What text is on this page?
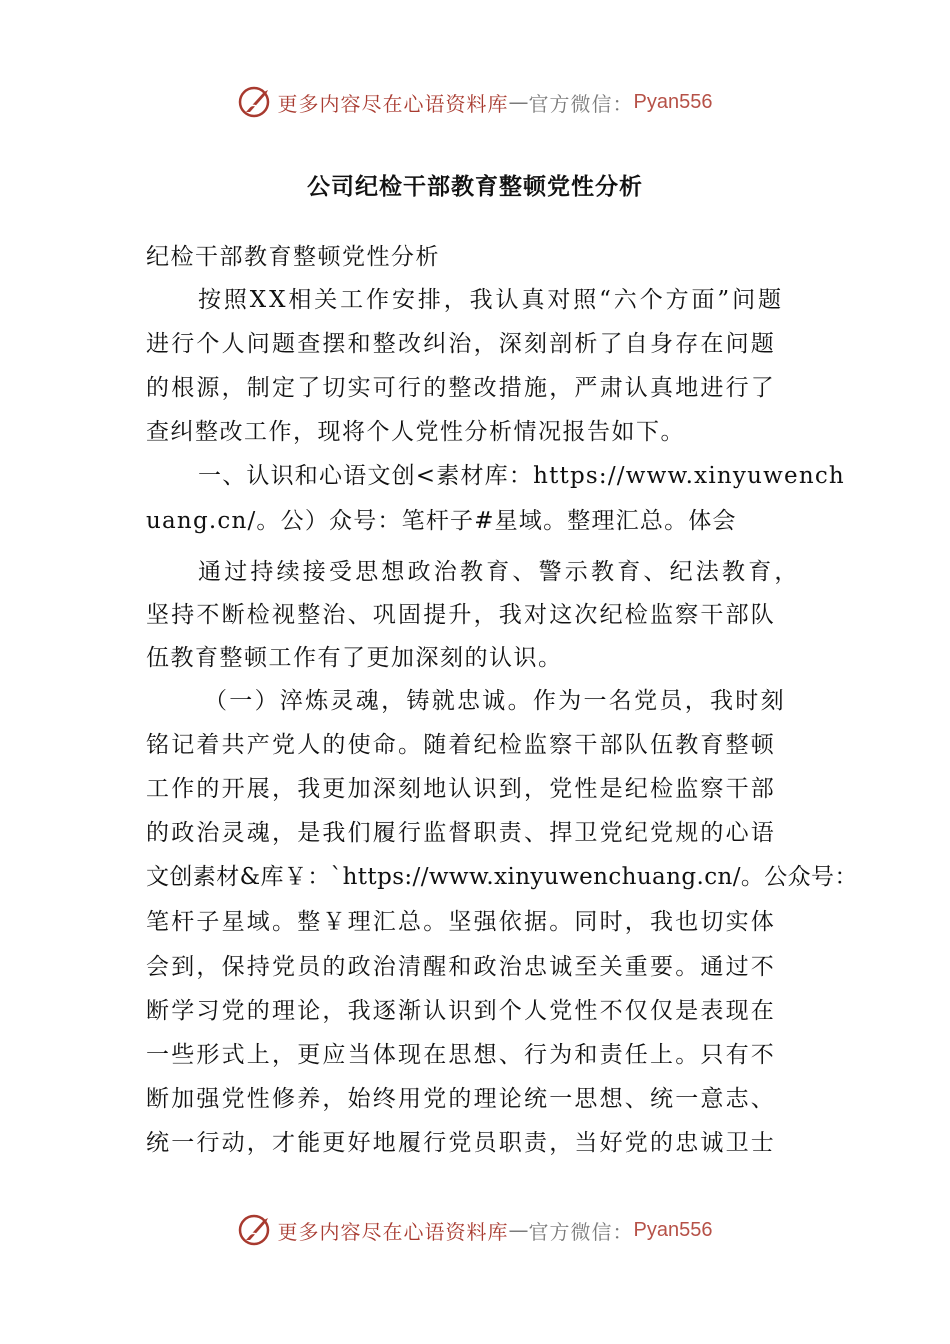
更多内容尽在心语资料库 — 官方微信： Pyan556
公司纪检干部教育整顿党性分析
纪检干部教育整顿党性分析
按照XX相关工作安排，我认真对照“六个方面”问题
进行个人问题查摆和整改纠治，深刻剖析了自身存在问题
的根源，制定了切实可行的整改措施，严肃认真地进行了
查纠整改工作，现将个人党性分析情况报告如下。
一、认识和心语文创<素材库：https://www.xinyuwench
uang.cn/。公）众号：笔杆子#星域。整理汇总。体会
通过持续接受思想政治教育、警示教育、纪法教育，
坚持不断检视整治、巩固提升，我对这次纪检监察干部队
伍教育整顿工作有了更加深刻的认识。
（一）淬炼灵魂，铸就忠诚。作为一名党员，我时刻
铭记着共产党人的使命。随着纪检监察干部队伍教育整顿
工作的开展，我更加深刻地认识到，党性是纪检监察干部
的政治灵魂，是我们履行监督职责、捍卫党纪党规的心语
文创素材&库￥：`https://www.xinyuwenchuang.cn/。公众号：
笔杆子星域。整￥理汇总。坚强依据。同时，我也切实体
会到，保持党员的政治清醒和政治忠诚至关重要。通过不
断学习党的理论，我逐渐认识到个人党性不仅仅是表现在
一些形式上，更应当体现在思想、行为和责任上。只有不
断加强党性修养，始终用党的理论统一思想、统一意志、
统一行动，才能更好地履行党员职责，当好党的忠诚卫士
更多内容尽在心语资料库 — 官方微信： Pyan556
